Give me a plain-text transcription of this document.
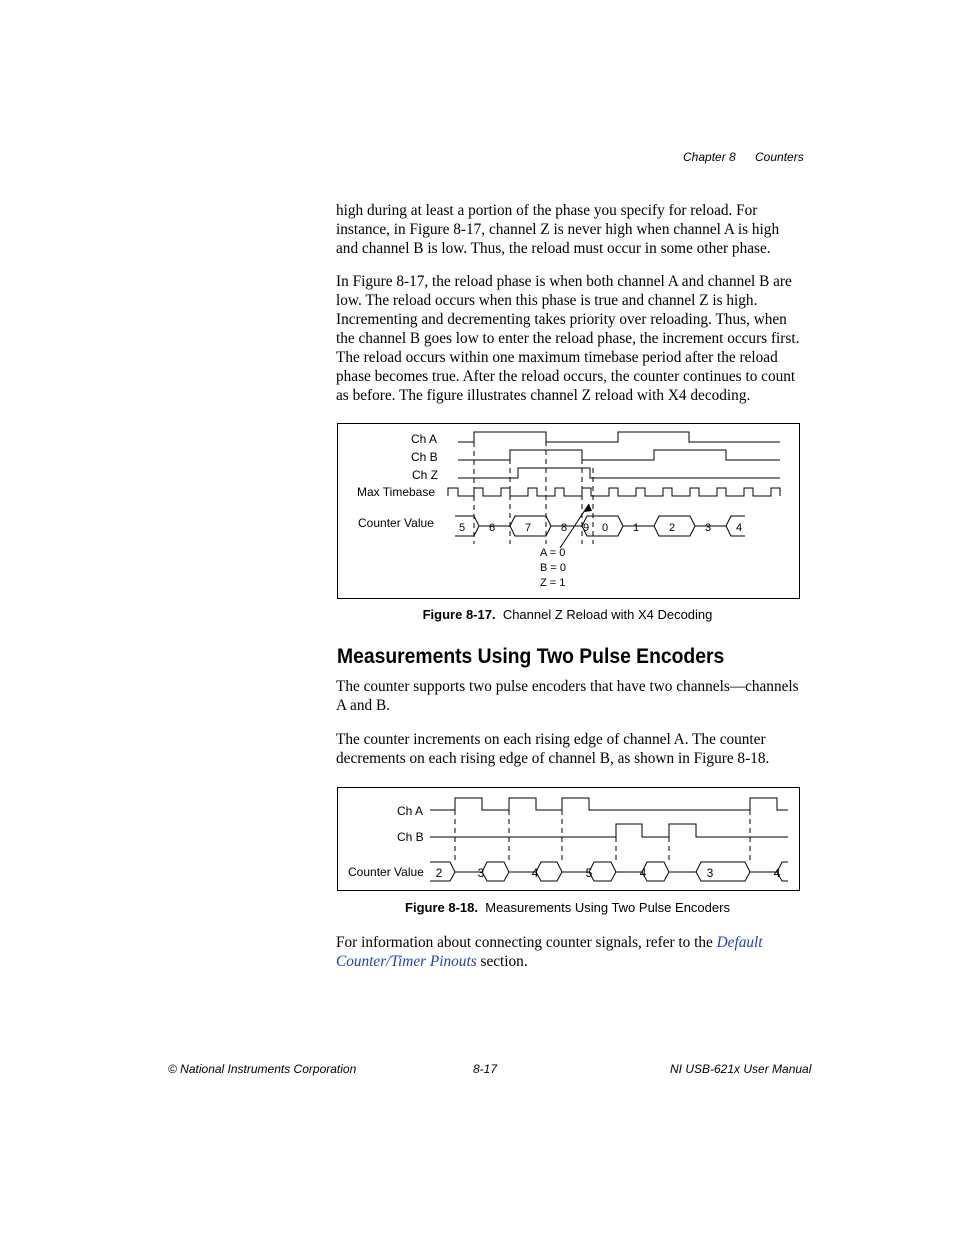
Chapter 8 Counters

high during at least a portion of the phase you specify for reload. For instance, in Figure 8-17, channel Z is never high when channel A is high and channel B is low. Thus, the reload must occur in some other phase.

In Figure 8-17, the reload phase is when both channel A and channel B are low. The reload occurs when this phase is true and channel Z is high. Incrementing and decrementing takes priority over reloading. Thus, when the channel B goes low to enter the reload phase, the increment occurs first. The reload occurs within one maximum timebase period after the reload phase becomes true. After the reload occurs, the counter continues to count as before. The figure illustrates channel Z reload with X4 decoding.

Ch A
Ch B
Ch Z
Max Timebase
Counter Value 5 6	7	8 9 0 1	2	3 4
A = 0
B = 0
Z = 1
Figure 8-17. Channel Z Reload with X4 Decoding
Measurements Using Two Pulse Encoders

The counter supports two pulse encoders that have two channels—channels A and B.

The counter increments on each rising edge of channel A. The counter decrements on each rising edge of channel B, as shown in Figure 8-18.

Ch A
Ch B
Counter Value 2	3	4	5	4	3	4
Figure 8-18. Measurements Using Two Pulse Encoders

For information about connecting counter signals, refer to the Default Counter/Timer Pinouts section.

© National Instruments Corporation	8-17	NI USB-621x User Manual
